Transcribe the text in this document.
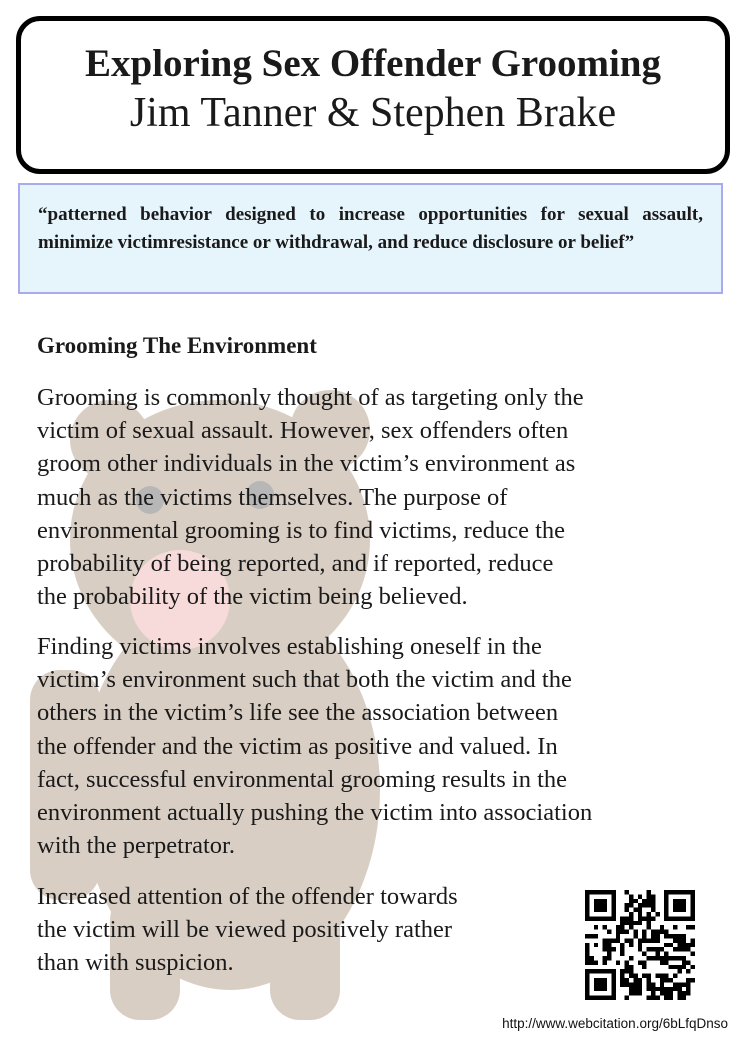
Exploring Sex Offender Grooming
Jim Tanner & Stephen Brake
“patterned behavior designed to increase opportunities for sexual assault, minimize victimresistance or withdrawal, and reduce disclosure or belief”
Grooming The Environment
Grooming is commonly thought of as targeting only the
victim of sexual assault. However, sex offenders often
groom other individuals in the victim’s environment as
much as the victims themselves. The purpose of
environmental grooming is to find victims, reduce the
probability of being reported, and if reported, reduce
the probability of the victim being believed.
Finding victims involves establishing oneself in the
victim’s environment such that both the victim and the
others in the victim’s life see the association between
the offender and the victim as positive and valued. In
fact, successful environmental grooming results in the
environment actually pushing the victim into association
with the perpetrator.
Increased attention of the offender towards
the victim will be viewed positively rather
than with suspicion.
http://www.webcitation.org/6bLfqDnso
